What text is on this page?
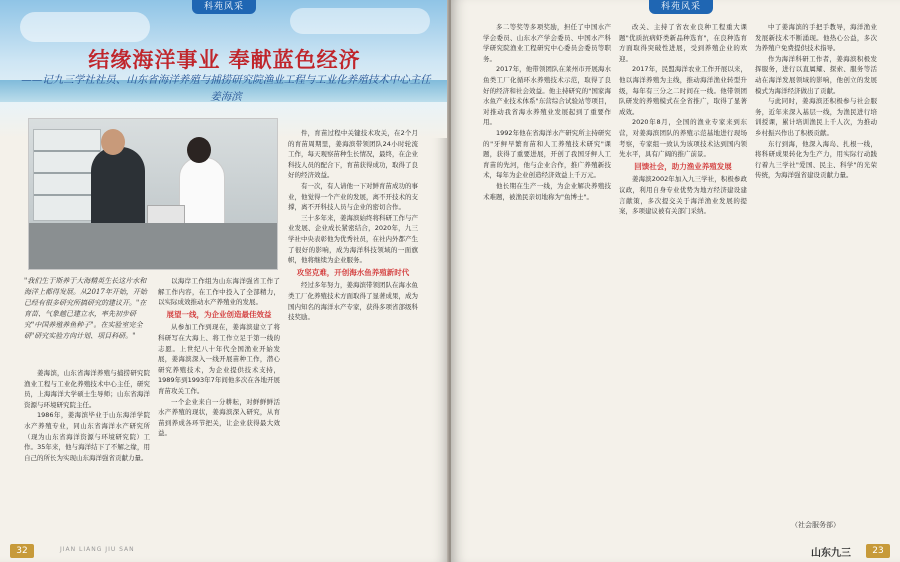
科苑风采
结缘海洋事业 奉献蓝色经济
——记九三学社社员、山东省海洋养殖与捕捞研究院渔业工程与工业化养殖技术中心主任姜海滨

"我们生于斯养于大海精英生长这片水和海洋上都得发展。从2017年开始，开始已经有很多研究所搞研究的建议开。"在育苗、气象越已建立水，率先初步研究"中国养殖养鱼种子"。在实验室完全研"研究实验方向计划、项目科研。"

姜海滨，山东省海洋养殖与捕捞研究院渔业工程与工业化养殖技术中心主任，研究员，上海海洋大学硕士生导师；山东省海洋资源与环境研究院主任。

1986年，姜海滨毕业于山东海洋学院水产养殖专业，同山东省海洋水产研究所（现为山东省海洋资源与环境研究院）工作。35年来，他与海洋结下了不解之缘，用自己的所长为实现山东海洋强省贡献力量。

以海岸工作组为山东海洋强省工作了解工作内容，在工作中投入了全部精力，以实际成效推动水产养殖业的发展。

展望一线，为企业创造最佳效益

从参加工作到现在，姜海滨建立了将科研写在大海上、将工作立足于第一线的志愿。上世纪八十年代全国渔业开始发展，姜海滨深入一线开展苗种工作，潜心研究养殖技术，为企业提供技术支持，1989年到1993年7年间他多次在各地开展育苗攻关工作。

一个企业来自一分耕耘，对鲜鲜鲜活水产养殖的现状，姜海滨深入研究，从育苗到养成各环节把关，让企业获得最大效益。

件，育苗过程中关键技术攻关，在2个月的育苗周期里，姜海滨带领团队24小时轮流工作，每天观察苗种生长情况，最终，在企业科技人员的配合下，育苗获得成功，取得了良好的经济效益。

有一次，有人请他一下对鲜育苗成功的事业，他觉得一个产业的发展，离不开技术的支撑，离不开科技人员与企业的密切合作。

三十多年来，姜海滨始终将科研工作与产业发展、企业成长紧密结合，2020年，九三学社中央表彰他为优秀社员，在社内外都产生了很好的影响，成为海洋科技领域的一面旗帜，他将继续为企业服务。

攻坚克难，开创海水鱼养殖新时代

经过多年努力，姜海滨带领团队在海水鱼类工厂化养殖技术方面取得了显著成果，成为国内知名的海洋水产专家，获得多项省部级科技奖励。

32	JIAN LIANG JIU SAN
科苑风采

多二等奖等多项奖励，担任了中国水产学会委员、山东水产学会委员、中国水产科学研究院渔业工程研究中心委员会委员等职务。

2017年，他带领团队在莱州市开展海水鱼类工厂化循环水养殖技术示范，取得了良好的经济和社会效益。他主持研究的"国家海水鱼产业技术体系"东营综合试验站等项目，对推动我省海水养殖业发展起到了重要作用。

1992年他在省海洋水产研究所主持研究的"牙鲆早繁育苗和人工养殖技术研究"课题，获得了重要进展，开创了我国牙鲆人工育苗的先河，他与企业合作，推广养殖新技术，每年为企业创造经济效益上千万元。

他长期在生产一线，为企业解决养殖技术难题，被渔民亲切地称为"鱼博士"。

改关、主持了省农业良种工程重大课题"优质抗病虾类新品种选育"，在良种选育方面取得突破性进展，受到养殖企业的欢迎。

2017年，民盟海洋农业工作开展以来，他以海洋养殖为主线，推动海洋渔业转型升级，每年有三分之二时间在一线。他带领团队研发的养殖模式在全省推广，取得了显著成效。

2020年8月，全国的渔业专家来到东营，对姜海滨团队的养殖示范基地进行现场考察，专家组一致认为该项技术达到国内领先水平，具有广阔的推广前景。

回馈社会，助力渔业养殖发展

姜海滨2002年加入九三学社，积极参政议政，利用自身专业优势为地方经济建设建言献策，多次提交关于海洋渔业发展的提案，多项建议被有关部门采纳。

中了姜海滨的手把手教导，海洋渔业发展新技术不断涌现。他热心公益，多次为养殖户免费提供技术指导。

作为海洋科研工作者，姜海滨积极发挥服务，进行以直属耀、探索、服务等活动在海洋发展领域的影响，他创立的发展模式为海洋经济做出了贡献。

与此同时，姜海滨还积极参与社会服务，近年来深入基层一线，为渔民进行培训授课，累计培训渔民上千人次，为推动乡村振兴作出了积极贡献。

东行到海，他深入海岛、扎根一线，将科研成果转化为生产力，用实际行动践行着九三学社"爱国、民主、科学"的光荣传统，为海洋强省建设贡献力量。

（社会服务部）
山东九三	23
